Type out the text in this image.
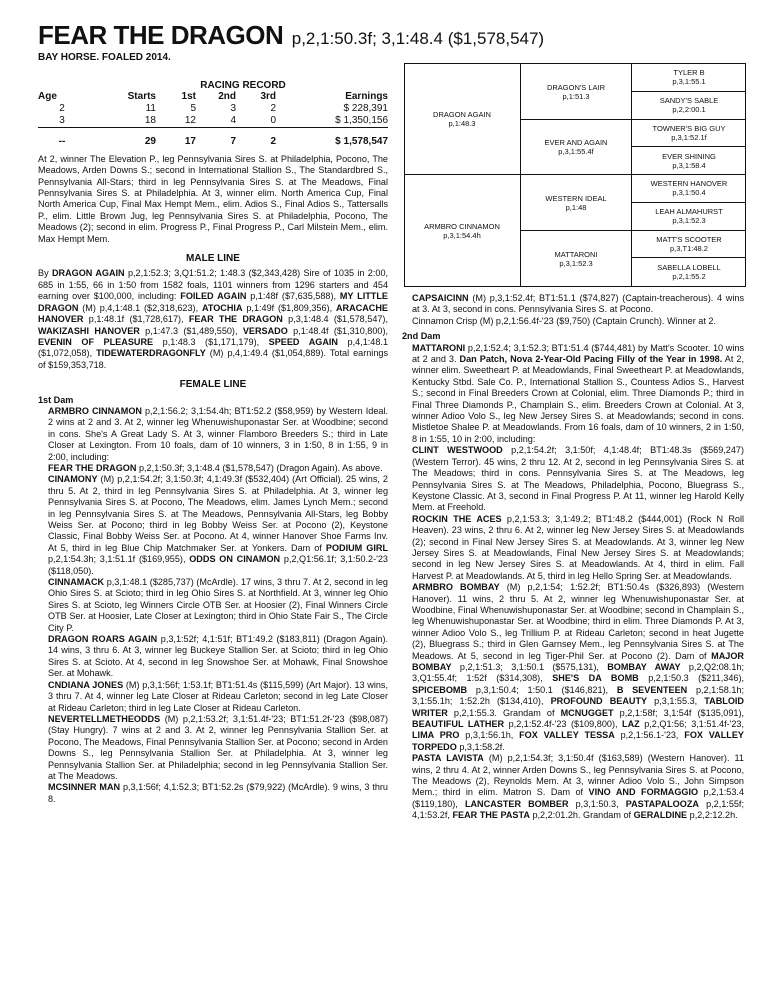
FEAR THE DRAGON p,2,1:50.3f; 3,1:48.4 ($1,578,547)
BAY HORSE. FOALED 2014.
RACING RECORD
Age	Starts	1st	2nd	3rd	Earnings
2	11	5	3	2	$ 228,391
3	18	12	4	0	$ 1,350,156

--	29	17	7	2	$ 1,578,547

At 2, winner The Elevation P., leg Pennsylvania Sires S. at Philadelphia, Pocono, The Meadows, Arden Downs S.; second in International Stallion S., The Standardbred S., Pennsylvania All-Stars; third in leg Pennsylvania Sires S. at The Meadows, Final Pennsylvania Sires S. at Philadelphia. At 3, winner elim. North America Cup, Final North America Cup, Final Max Hempt Mem., elim. Adios S., Final Adios S., Tattersalls P., elim. Little Brown Jug, leg Pennsylvania Sires S. at Philadelphia, Pocono, The Meadows (2); second in elim. Progress P., Final Progress P., Carl Milstein Mem., elim. Max Hempt Mem.

MALE LINE

By DRAGON AGAIN p,2,1:52.3; 3,Q1:51.2; 1:48.3 ($2,343,428) Sire of 1035 in 2:00, 685 in 1:55, 66 in 1:50 from 1582 foals, 1101 winners from 1296 starters and 454 earning over $100,000, including: FOILED AGAIN p,1:48f ($7,635,588), MY LITTLE DRAGON (M) p,4,1:48.1 ($2,318,623), ATOCHIA p,1:49f ($1,809,356), ARACACHE HANOVER p,1:48.1f ($1,728,617), FEAR THE DRAGON p,3,1:48.4 ($1,578,547), WAKIZASHI HANOVER p,1:47.3 ($1,489,550), VERSADO p,1:48.4f ($1,310,800), EVENIN OF PLEASURE p,1:48.3 ($1,171,179), SPEED AGAIN p,4,1:48.1 ($1,072,058), TIDEWATERDRAGONFLY (M) p,4,1:49.4 ($1,054,889). Total earnings of $159,353,718.

FEMALE LINE
1st Dam

ARMBRO CINNAMON p,2,1:56.2; 3,1:54.4h; BT1:52.2 ($58,959) by Western Ideal. 2 wins at 2 and 3. At 2, winner leg Whenuwishuponastar Ser. at Woodbine; second in cons. She's A Great Lady S. At 3, winner Flamboro Breeders S.; third in Late Closer at Lexington. From 10 foals, dam of 10 winners, 3 in 1:50, 8 in 1:55, 9 in 2:00, including:

FEAR THE DRAGON p,2,1:50.3f; 3,1:48.4 ($1,578,547) (Dragon Again). As above.

CINAMONY (M) p,2,1:54.2f; 3,1:50.3f; 4,1:49.3f ($532,404) (Art Official). 25 wins, 2 thru 5. At 2, third in leg Pennsylvania Sires S. at Philadelphia. At 3, winner leg Pennsylvania Sires S. at Pocono, The Meadows, elim. James Lynch Mem.; second in leg Pennsylvania Sires S. at The Meadows, Pennsylvania All-Stars, leg Bobby Weiss Ser. at Pocono; third in leg Bobby Weiss Ser. at Pocono (2), Keystone Classic, Final Bobby Weiss Ser. at Pocono. At 4, winner Hanover Shoe Farms Inv. At 5, third in leg Blue Chip Matchmaker Ser. at Yonkers. Dam of PODIUM GIRL p,2,1:54.3h; 3,1:51.1f ($169,955), ODDS ON CINAMON p,2,Q1:56.1f; 3,1:50.2-'23 ($118,050).

CINNAMACK p,3,1:48.1 ($285,737) (McArdle). 17 wins, 3 thru 7. At 2, second in leg Ohio Sires S. at Scioto; third in leg Ohio Sires S. at Northfield. At 3, winner leg Ohio Sires S. at Scioto, leg Winners Circle OTB Ser. at Hoosier (2), Final Winners Circle OTB Ser. at Hoosier, Late Closer at Lexington; third in Ohio State Fair S., The Circle City P.

DRAGON ROARS AGAIN p,3,1:52f; 4,1:51f; BT1:49.2 ($183,811) (Dragon Again). 14 wins, 3 thru 6. At 3, winner leg Buckeye Stallion Ser. at Scioto; third in leg Ohio Sires S. at Scioto. At 4, second in leg Snowshoe Ser. at Mohawk, Final Snowshoe Ser. at Mohawk.

CNDIANA JONES (M) p,3,1:56f; 1:53.1f; BT1:51.4s ($115,599) (Art Major). 13 wins, 3 thru 7. At 4, winner leg Late Closer at Rideau Carleton; second in leg Late Closer at Rideau Carleton; third in leg Late Closer at Rideau Carleton.

NEVERTELLMETHEODDS (M) p,2,1:53.2f; 3,1:51.4f-'23; BT1:51.2f-'23 ($98,087) (Stay Hungry). 7 wins at 2 and 3. At 2, winner leg Pennsylvania Stallion Ser. at Pocono, The Meadows, Final Pennsylvania Stallion Ser. at Pocono; second in Arden Downs S., leg Pennsylvania Stallion Ser. at Philadelphia. At 3, winner leg Pennsylvania Stallion Ser. at Philadelphia; second in leg Pennsylvania Stallion Ser. at The Meadows.

MCSINNER MAN p,3,1:56f; 4,1:52.3; BT1:52.2s ($79,922) (McArdle). 9 wins, 3 thru 8.

DRAGON AGAIN
p,1:48.3
ARMBRO CINNAMON
p,3,1:54.4h
DRAGON'S LAIR
p,1:51.3
EVER AND AGAIN
p,3,1:55.4f
WESTERN IDEAL
p,1:48
MATTARONI
p,3,1:52.3
TYLER B
p,3,1:55.1
SANDY'S SABLE
p,2,2:00.1
TOWNER'S BIG GUY
p,3,1:52.1f
EVER SHINING
p,3,1:58.4
WESTERN HANOVER
p,3,1:50.4
LEAH ALMAHURST
p,3,1:52.3
MATT'S SCOOTER
p,3,T1:48.2
SABELLA LOBELL
p,2,1:55.2

CAPSAICINN (M) p,3,1:52.4f; BT1:51.1 ($74,827) (Captain-treacherous). 4 wins at 3. At 3, second in cons. Pennsylvania Sires S. at Pocono.

Cinnamon Crisp (M) p,2,1:56.4f-'23 ($9,750) (Captain Crunch). Winner at 2.

2nd Dam

MATTARONI p,2,1:52.4; 3,1:52.3; BT1:51.4 ($744,481) by Matt's Scooter. 10 wins at 2 and 3. Dan Patch, Nova 2-Year-Old Pacing Filly of the Year in 1998. At 2, winner elim. Sweetheart P. at Meadowlands, Final Sweetheart P. at Meadowlands, Kentucky Stbd. Sale Co. P., International Stallion S., Countess Adios S., Harvest S.; second in Final Breeders Crown at Colonial, elim. Three Diamonds P.; third in Final Three Diamonds P., Champlain S., elim. Breeders Crown at Colonial. At 3, winner Adioo Volo S., leg New Jersey Sires S. at Meadowlands; second in cons. Mistletoe Shalee P. at Meadowlands. From 16 foals, dam of 10 winners, 2 in 1:50, 8 in 1:55, 10 in 2:00, including:

CLINT WESTWOOD p,2,1:54.2f; 3,1:50f; 4,1:48.4f; BT1:48.3s ($569,247) (Western Terror). 45 wins, 2 thru 12. At 2, second in leg Pennsylvania Sires S. at The Meadows; third in cons. Pennsylvania Sires S. at The Meadows, leg Pennsylvania Sires S. at The Meadows, Philadelphia, Pocono, Bluegrass S., Keystone Classic. At 3, second in Final Progress P. At 11, winner leg Harold Kelly Mem. at Freehold.

ROCKIN THE ACES p,2,1:53.3; 3,1:49.2; BT1:48.2 ($444,001) (Rock N Roll Heaven). 23 wins, 2 thru 6. At 2, winner leg New Jersey Sires S. at Meadowlands (2); second in Final New Jersey Sires S. at Meadowlands. At 3, winner leg New Jersey Sires S. at Meadowlands, Final New Jersey Sires S. at Meadowlands; second in leg New Jersey Sires S. at Meadowlands. At 4, third in elim. Fall Harvest P. at Meadowlands. At 5, third in leg Hello Spring Ser. at Meadowlands.

ARMBRO BOMBAY (M) p,2,1:54; 1:52.2f; BT1:50.4s ($326,893) (Western Hanover). 11 wins, 2 thru 5. At 2, winner leg Whenuwishuponastar Ser. at Woodbine, Final Whenuwishuponastar Ser. at Woodbine; second in Champlain S., leg Whenuwishuponastar Ser. at Woodbine; third in elim. Three Diamonds P. At 3, winner Adioo Volo S., leg Trillium P. at Rideau Carleton; second in heat Jugette (2), Bluegrass S.; third in Glen Garnsey Mem., leg Pennsylvania Sires S. at The Meadows. At 5, second in leg Tiger-Phil Ser. at Pocono (2). Dam of MAJOR BOMBAY p,2,1:51.3; 3,1:50.1 ($575,131), BOMBAY AWAY p,2,Q2:08.1h; 3,Q1:55.4f; 1:52f ($314,308), SHE'S DA BOMB p,2,1:50.3 ($211,346), SPICEBOMB p,3,1:50.4; 1:50.1 ($146,821), B SEVENTEEN p,2,1:58.1h; 3,1:55.1h; 1:52.2h ($134,410), PROFOUND BEAUTY p,3,1:55.3, TABLOID WRITER p,2,1:55.3. Grandam of MCNUGGET p,2,1:58f; 3,1:54f ($135,091), BEAUTIFUL LATHER p,2,1:52.4f-'23 ($109,800), LAZ p,2,Q1:56; 3,1:51.4f-'23, LIMA PRO p,3,1:56.1h, FOX VALLEY TESSA p,2,1:56.1-'23, FOX VALLEY TORPEDO p,3,1:58.2f.

PASTA LAVISTA (M) p,2,1:54.3f; 3,1:50.4f ($163,589) (Western Hanover). 11 wins, 2 thru 4. At 2, winner Arden Downs S., leg Pennsylvania Sires S. at Pocono, The Meadows (2), Reynolds Mem. At 3, winner Adioo Volo S., John Simpson Mem.; third in elim. Matron S. Dam of VINO AND FORMAGGIO p,2,1:53.4 ($119,180), LANCASTER BOMBER p,3,1:50.3, PASTAPALOOZA p,2,1:55f; 4,1:53.2f, FEAR THE PASTA p,2,2:01.2h. Grandam of GERALDINE p,2,2:12.2h.
